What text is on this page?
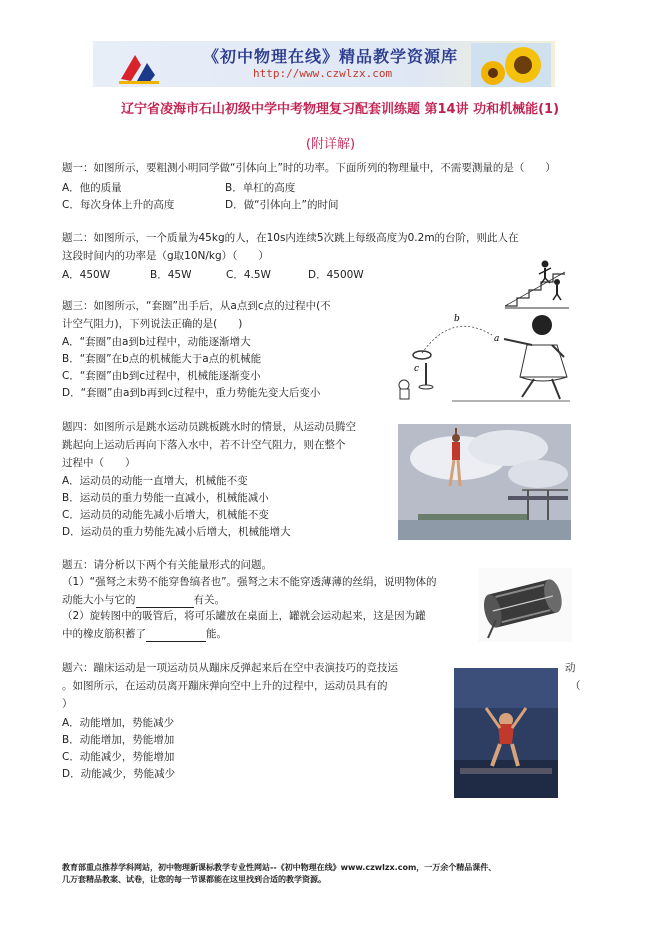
《初中物理在线》精品教学资源库
http://www.czwlzx.com
辽宁省凌海市石山初级中学中考物理复习配套训练题 第14讲 功和机械能(1)
(附详解)
题一：如图所示，要粗测小明同学做“引体向上”时的功率。下面所列的物理量中，不需要测量的是（　　）
A．他的质量	B．单杠的高度
C．每次身体上升的高度	D．做“引体向上”的时间
题二：如图所示，一个质量为45kg的人，在10s内连续5次跳上每级高度为0.2m的台阶，则此人在
这段时间内的功率是（g取10N/kg）（　　）
A．450W	B．45W	C．4.5W	D．4500W
题三：如图所示，“套圈”出手后，从a点到c点的过程中(不
计空气阻力)，下列说法正确的是(　　)
A．“套圈”由a到b过程中，动能逐渐增大
B．“套圈”在b点的机械能大于a点的机械能
C．“套圈”由b到c过程中，机械能逐渐变小
D．“套圈”由a到b再到c过程中，重力势能先变大后变小
b
a
c
题四：如图所示是跳水运动员跳板跳水时的情景，从运动员腾空
跳起向上运动后再向下落入水中，若不计空气阻力，则在整个
过程中（　　）
A．运动员的动能一直增大，机械能不变
B．运动员的重力势能一直减小，机械能减小
C．运动员的动能先减小后增大，机械能不变
D．运动员的重力势能先减小后增大，机械能增大
题五：请分析以下两个有关能量形式的问题。
（1）“强弩之末势不能穿鲁缟者也”。强弩之末不能穿透薄薄的丝绢，说明物体的
动能大小与它的	有关。
（2）旋转图中的吸管后，将可乐罐放在桌面上，罐就会运动起来，这是因为罐
中的橡皮筋积蓄了	能。
题六：蹦床运动是一项运动员从蹦床反弹起来后在空中表演技巧的竞技运	动
。如图所示，在运动员离开蹦床弹向空中上升的过程中，运动员具有的	（
）
A．动能增加，势能减少
B．动能增加，势能增加
C．动能减少，势能增加
D．动能减少，势能减少
教育部重点推荐学科网站，初中物理新课标教学专业性网站--《初中物理在线》www.czwlzx.com，一万余个精品课件、
几万套精品教案、试卷，让您的每一节课都能在这里找到合适的教学资源。
